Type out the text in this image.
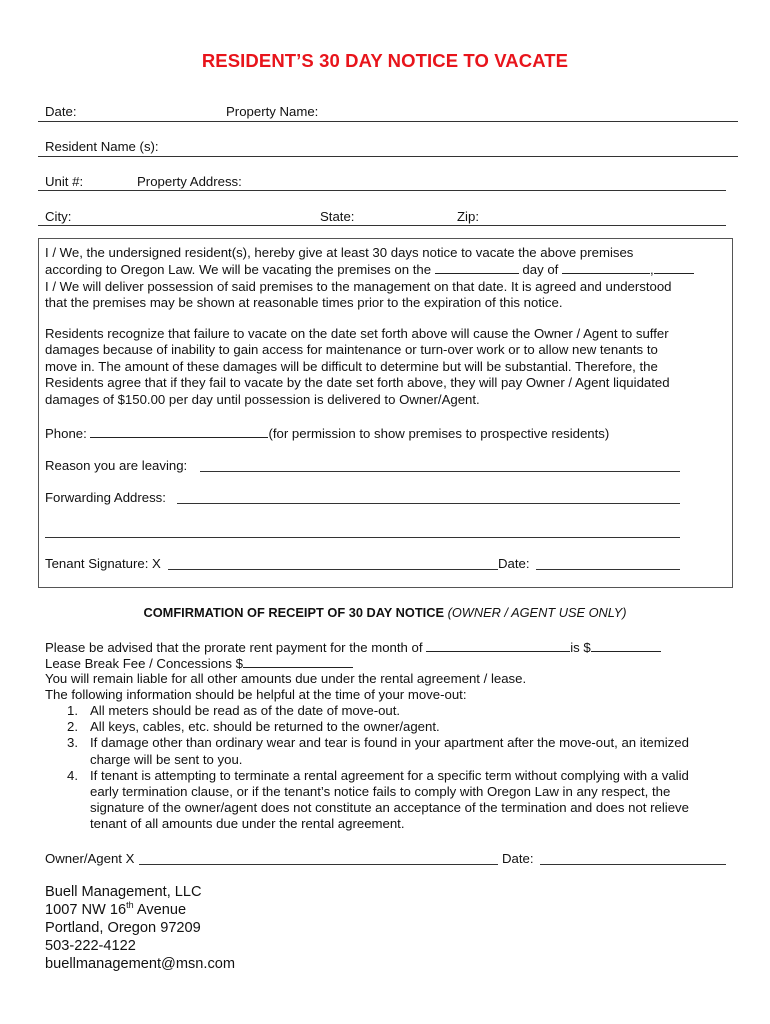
RESIDENT’S 30 DAY NOTICE TO VACATE
Date:	Property Name:
Resident Name (s):
Unit #:	Property Address:
City:	State:	Zip:
I / We, the undersigned resident(s), hereby give at least 30 days notice to vacate the above premises
according to Oregon Law. We will be vacating the premises on the	day of	,
I / We will deliver possession of said premises to the management on that date. It is agreed and understood
that the premises may be shown at reasonable times prior to the expiration of this notice.
Residents recognize that failure to vacate on the date set forth above will cause the Owner / Agent to suffer
damages because of inability to gain access for maintenance or turn-over work or to allow new tenants to
move in. The amount of these damages will be difficult to determine but will be substantial. Therefore, the
Residents agree that if they fail to vacate by the date set forth above, they will pay Owner / Agent liquidated
damages of $150.00 per day until possession is delivered to Owner/Agent.
Phone:	(for permission to show premises to prospective residents)
Reason you are leaving:
Forwarding Address:
Tenant Signature: X	Date:
COMFIRMATION OF RECEIPT OF 30 DAY NOTICE (OWNER / AGENT USE ONLY)
Please be advised that the prorate rent payment for the month of	is $
Lease Break Fee / Concessions $
You will remain liable for all other amounts due under the rental agreement / lease.
The following information should be helpful at the time of your move-out:
1. All meters should be read as of the date of move-out.
2. All keys, cables, etc. should be returned to the owner/agent.
3. If damage other than ordinary wear and tear is found in your apartment after the move-out, an itemized
charge will be sent to you.
4. If tenant is attempting to terminate a rental agreement for a specific term without complying with a valid
early termination clause, or if the tenant’s notice fails to comply with Oregon Law in any respect, the
signature of the owner/agent does not constitute an acceptance of the termination and does not relieve
tenant of all amounts due under the rental agreement.
Owner/Agent X	Date:
Buell Management, LLC
1007 NW 16th Avenue
Portland, Oregon 97209
503-222-4122
buellmanagement@msn.com
